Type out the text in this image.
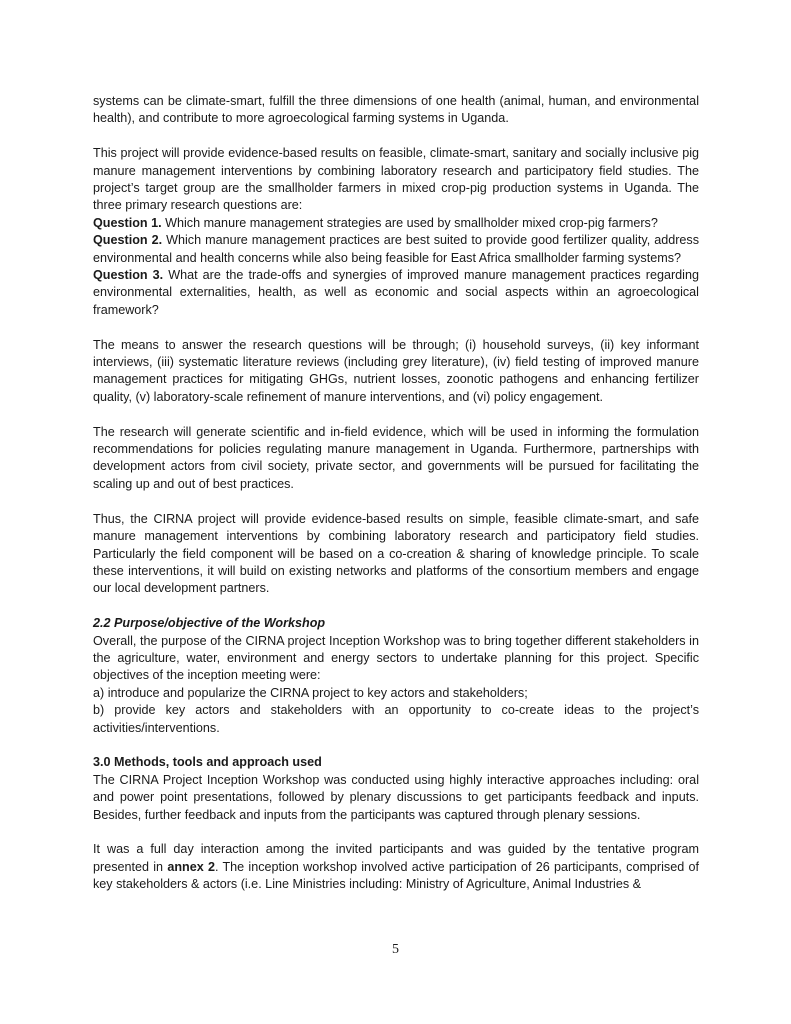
systems can be climate-smart, fulfill the three dimensions of one health (animal, human, and environmental health), and contribute to more agroecological farming systems in Uganda.

This project will provide evidence-based results on feasible, climate-smart, sanitary and socially inclusive pig manure management interventions by combining laboratory research and participatory field studies. The project’s target group are the smallholder farmers in mixed crop-pig production systems in Uganda. The three primary research questions are:

Question 1. Which manure management strategies are used by smallholder mixed crop-pig farmers?

Question 2. Which manure management practices are best suited to provide good fertilizer quality, address environmental and health concerns while also being feasible for East Africa smallholder farming systems?

Question 3. What are the trade-offs and synergies of improved manure management practices regarding environmental externalities, health, as well as economic and social aspects within an agroecological framework?

The means to answer the research questions will be through; (i) household surveys, (ii) key informant interviews, (iii) systematic literature reviews (including grey literature), (iv) field testing of improved manure management practices for mitigating GHGs, nutrient losses, zoonotic pathogens and enhancing fertilizer quality, (v) laboratory-scale refinement of manure interventions, and (vi) policy engagement.

The research will generate scientific and in-field evidence, which will be used in informing the formulation recommendations for policies regulating manure management in Uganda. Furthermore, partnerships with development actors from civil society, private sector, and governments will be pursued for facilitating the scaling up and out of best practices.

Thus, the CIRNA project will provide evidence-based results on simple, feasible climate-smart, and safe manure management interventions by combining laboratory research and participatory field studies. Particularly the field component will be based on a co-creation & sharing of knowledge principle. To scale these interventions, it will build on existing networks and platforms of the consortium members and engage our local development partners.

2.2 Purpose/objective of the Workshop

Overall, the purpose of the CIRNA project Inception Workshop was to bring together different stakeholders in the agriculture, water, environment and energy sectors to undertake planning for this project. Specific objectives of the inception meeting were:

a) introduce and popularize the CIRNA project to key actors and stakeholders;

b) provide key actors and stakeholders with an opportunity to co-create ideas to the project’s activities/interventions.

3.0 Methods, tools and approach used

The CIRNA Project Inception Workshop was conducted using highly interactive approaches including: oral and power point presentations, followed by plenary discussions to get participants feedback and inputs. Besides, further feedback and inputs from the participants was captured through plenary sessions.

It was a full day interaction among the invited participants and was guided by the tentative program presented in annex 2. The inception workshop involved active participation of 26 participants, comprised of key stakeholders & actors (i.e. Line Ministries including: Ministry of Agriculture, Animal Industries &

5
